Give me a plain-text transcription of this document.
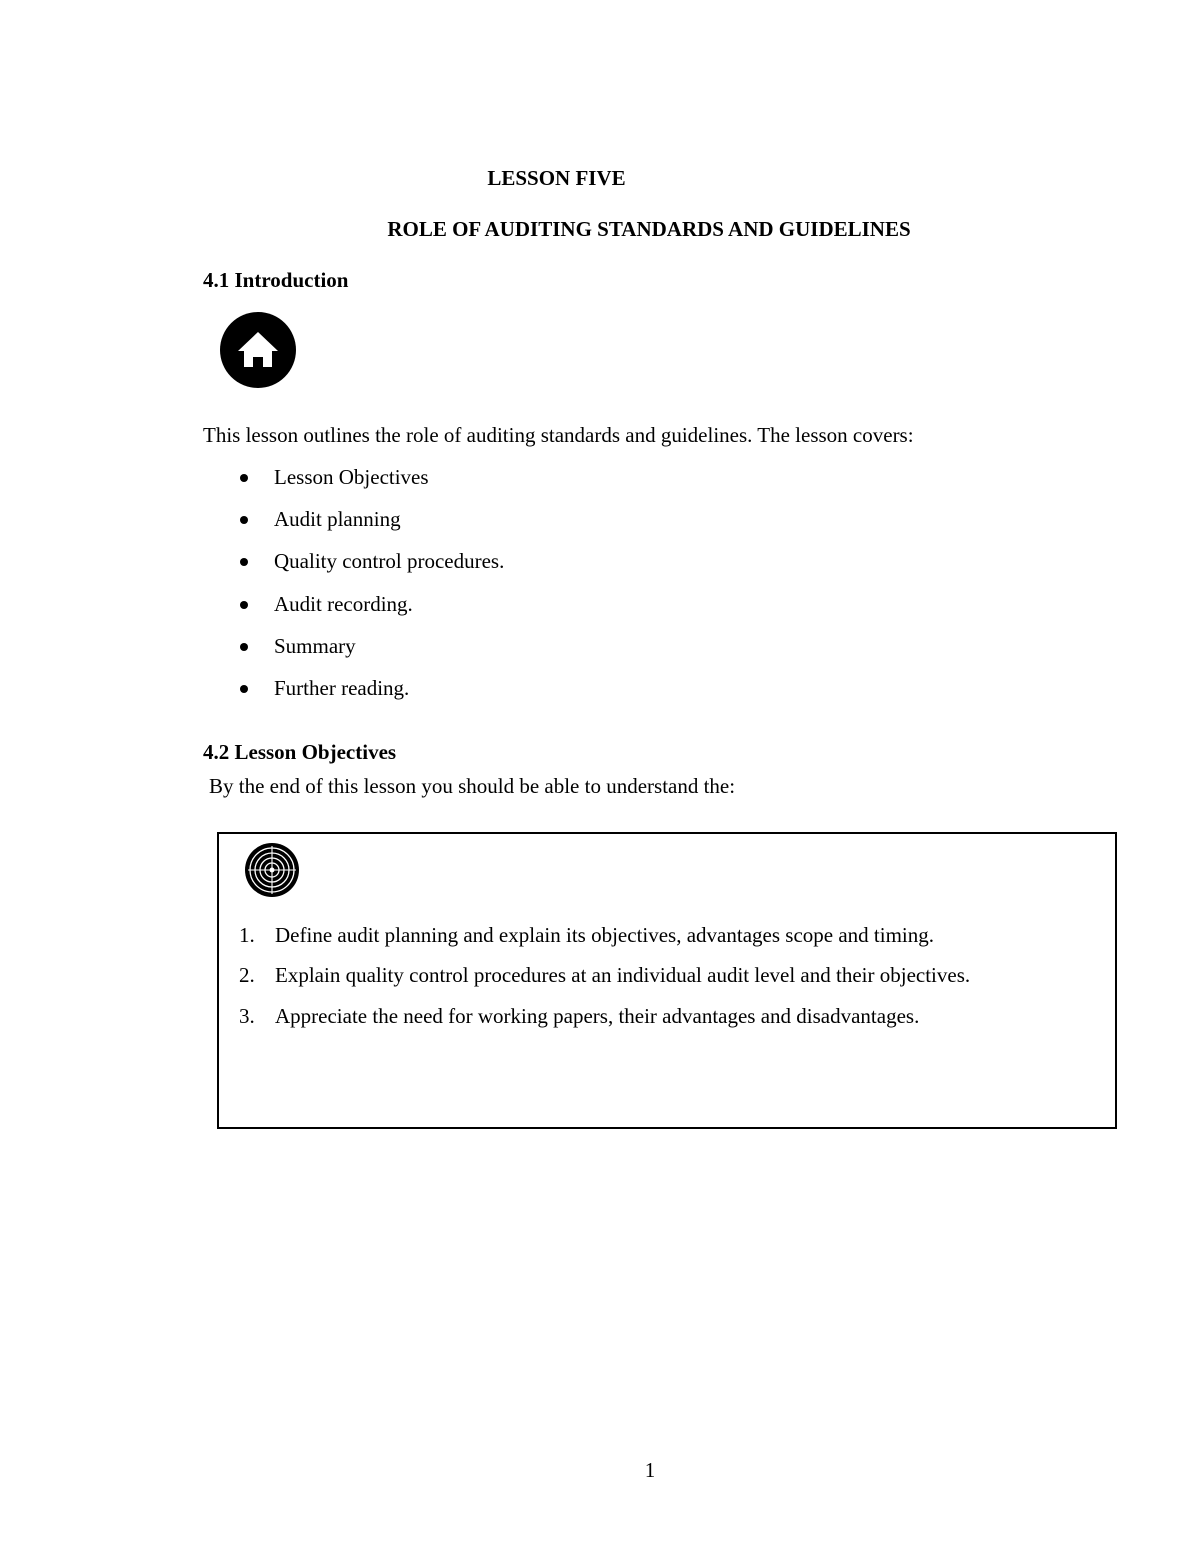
LESSON FIVE
ROLE OF AUDITING STANDARDS AND GUIDELINES
4.1 Introduction
This lesson outlines the role of auditing standards and guidelines. The lesson covers:
Lesson Objectives
Audit planning
Quality control procedures.
Audit recording.
Summary
Further reading.
4.2 Lesson Objectives
By the end of this lesson you should be able to understand the:
1. Define audit planning and explain its objectives, advantages scope and timing.
2. Explain quality control procedures at an individual audit level and their objectives.
3. Appreciate the need for working papers, their advantages and disadvantages.
1
